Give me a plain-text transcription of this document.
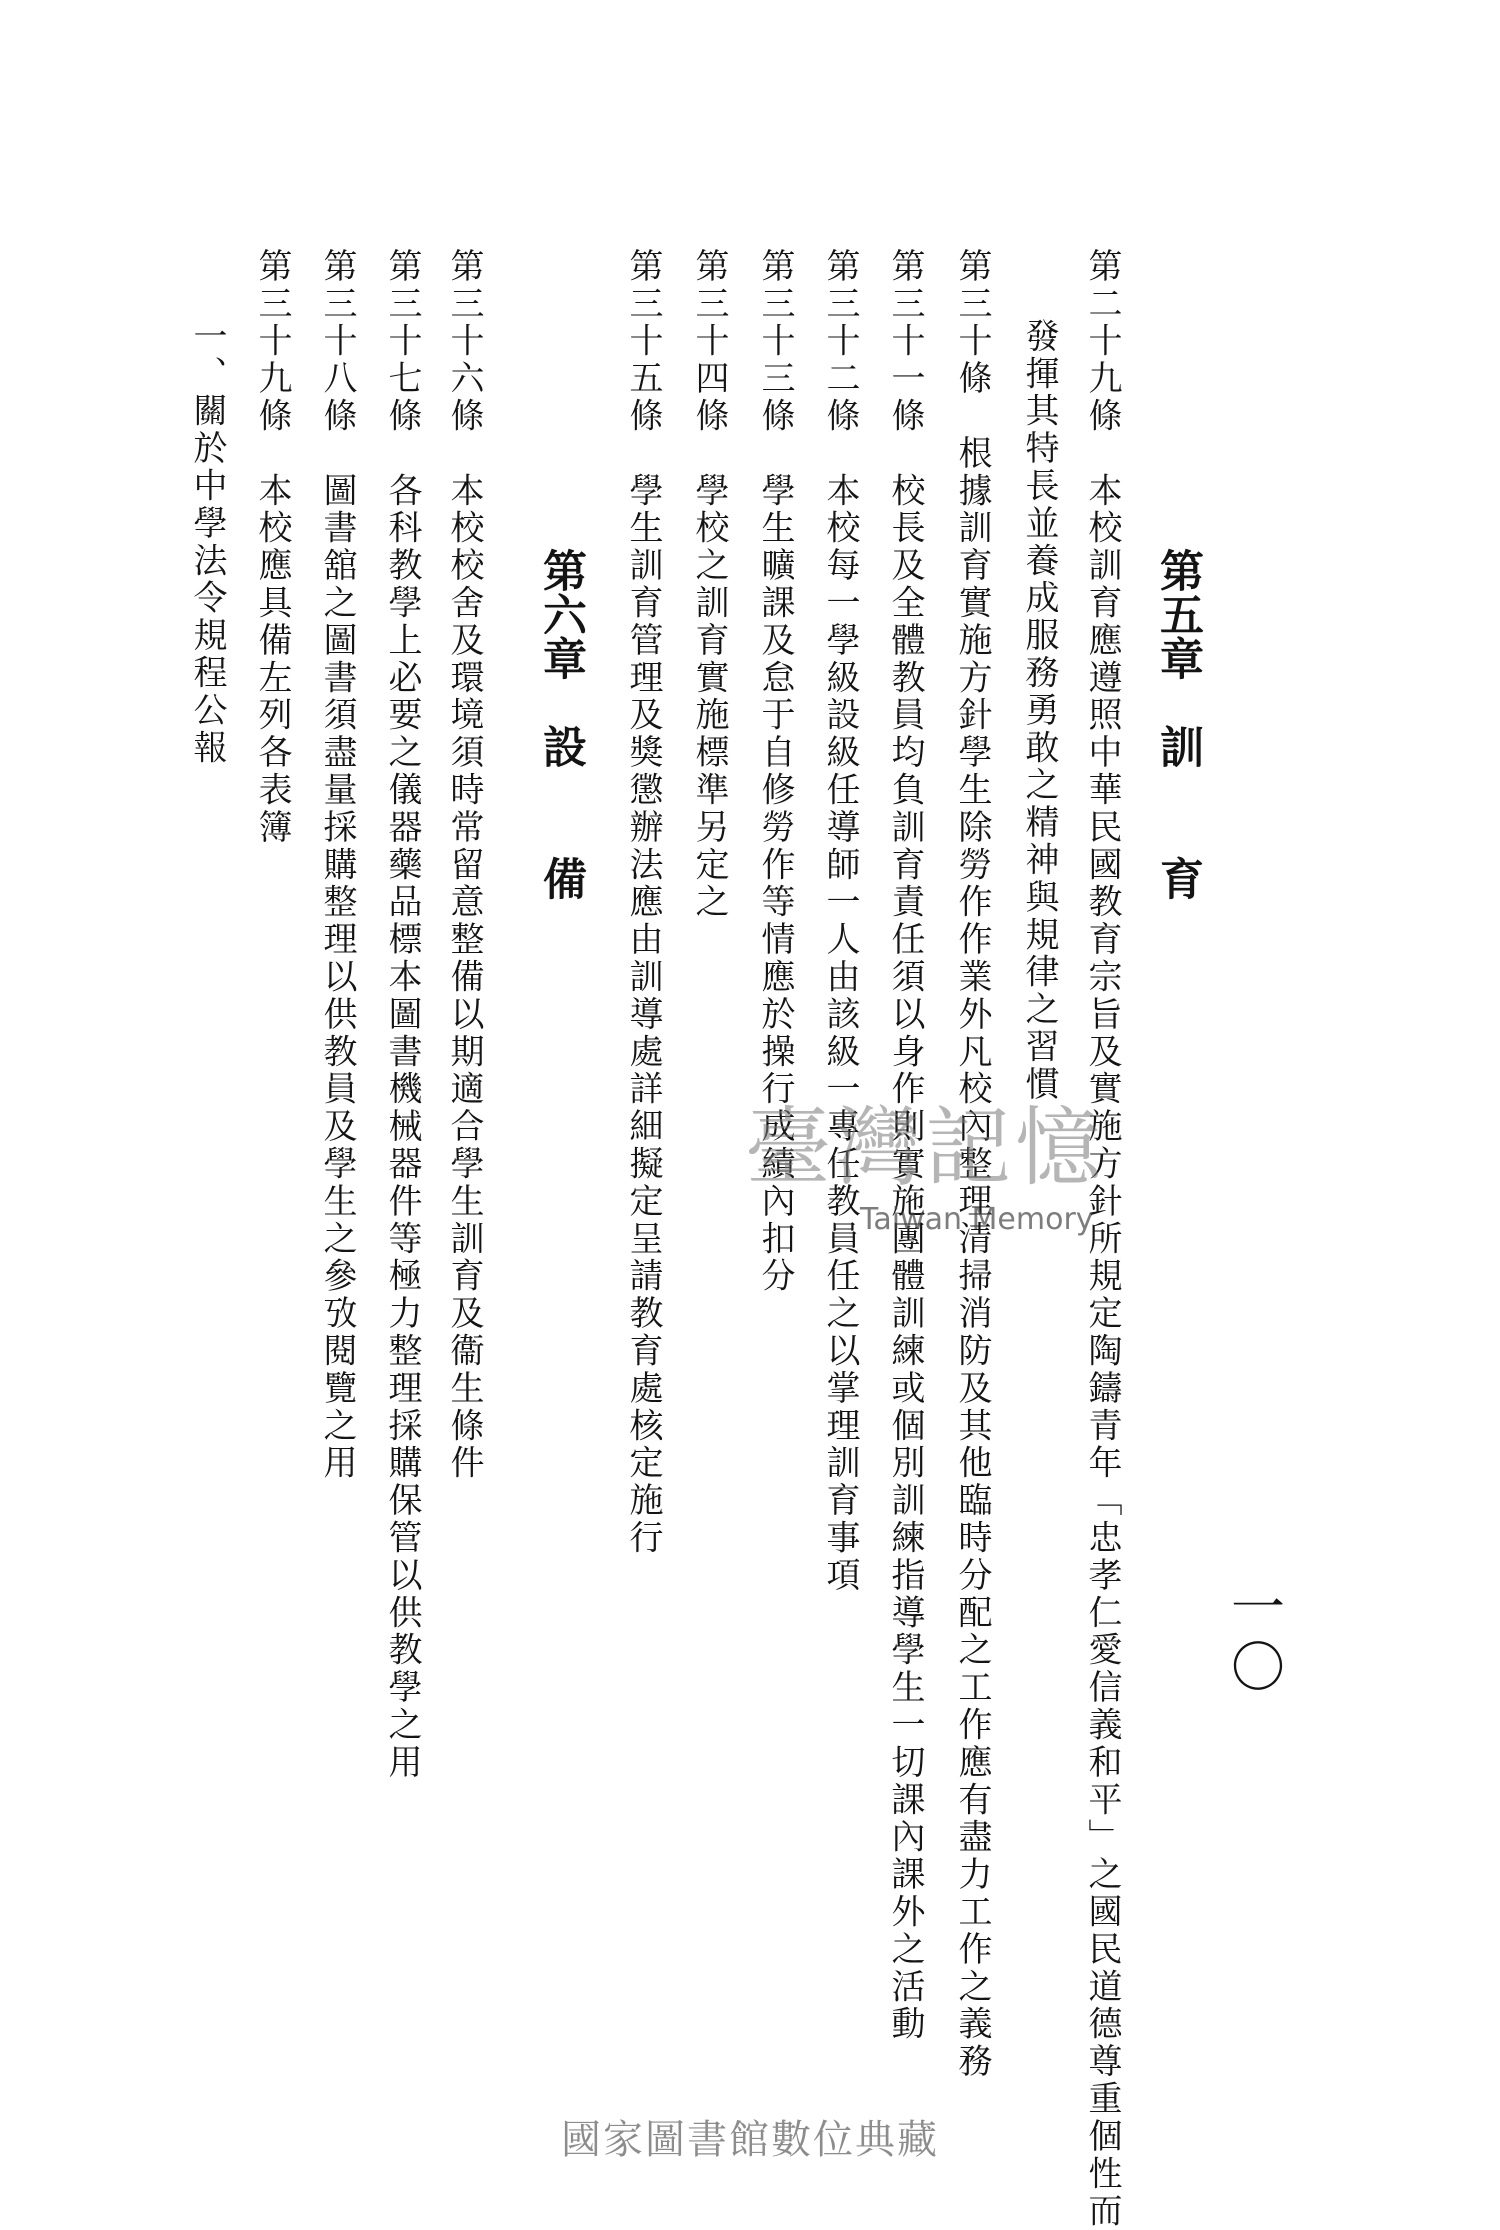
一〇
第五章　訓　　育
第二十九條　本校訓育應遵照中華民國教育宗旨及實施方針所規定陶鑄青年「忠孝仁愛信義和平」之國民道德尊重個性而
發揮其特長並養成服務勇敢之精神與規律之習慣
第三十條　根據訓育實施方針學生除勞作作業外凡校內整理清掃消防及其他臨時分配之工作應有盡力工作之義務
第三十一條　校長及全體教員均負訓育責任須以身作則實施團體訓練或個別訓練指導學生一切課內課外之活動
第三十二條　本校每一學級設級任導師一人由該級一專任教員任之以掌理訓育事項
第三十三條　學生曠課及怠于自修勞作等情應於操行成績內扣分
第三十四條　學校之訓育實施標準另定之
第三十五條　學生訓育管理及獎懲辦法應由訓導處詳細擬定呈請教育處核定施行
第六章　設　　備
第三十六條　本校校舍及環境須時常留意整備以期適合學生訓育及衞生條件
第三十七條　各科教學上必要之儀器藥品標本圖書機械器件等極力整理採購保管以供教學之用
第三十八條　圖書舘之圖書須盡量採購整理以供教員及學生之參攷閱覽之用
第三十九條　本校應具備左列各表簿
一、關於中學法令規程公報
臺灣記憶
Taiwan Memory
國家圖書館數位典藏
